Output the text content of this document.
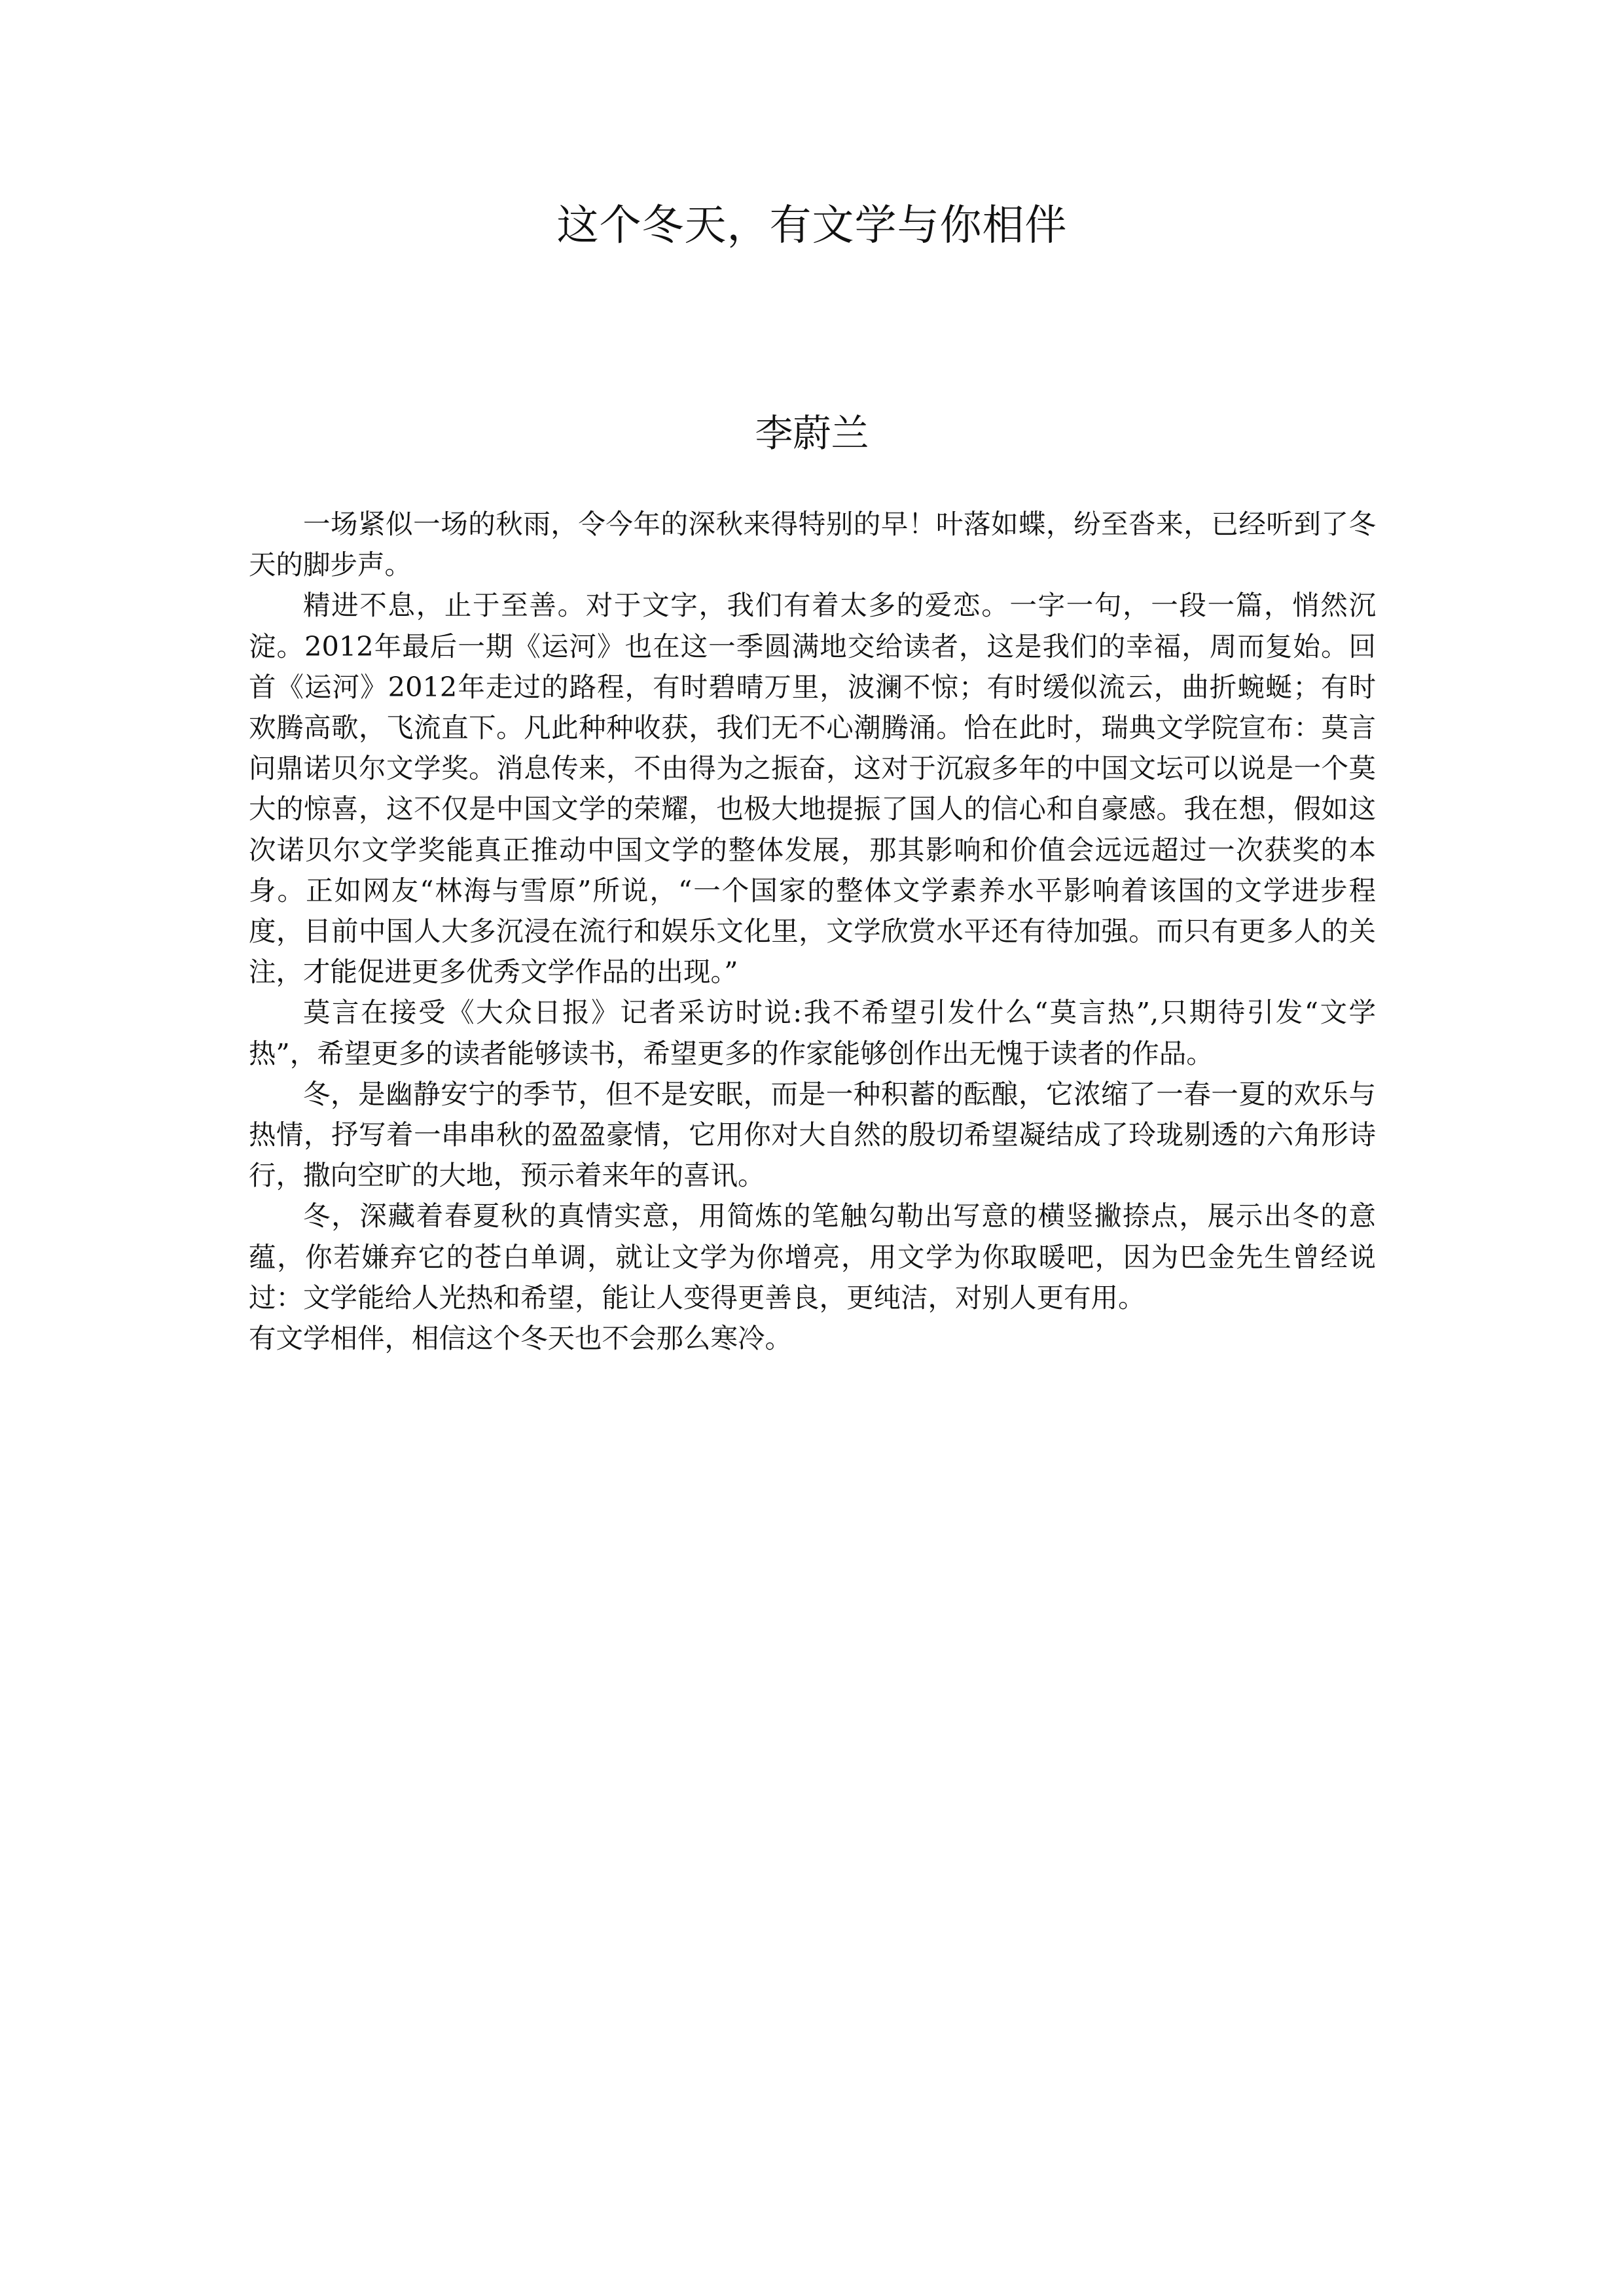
这个冬天，有文学与你相伴
李蔚兰

一场紧似一场的秋雨，令今年的深秋来得特别的早！叶落如蝶，纷至沓来，已经听到了冬天的脚步声。

精进不息，止于至善。对于文字，我们有着太多的爱恋。一字一句，一段一篇，悄然沉淀。2012年最后一期《运河》也在这一季圆满地交给读者，这是我们的幸福，周而复始。回首《运河》2012年走过的路程，有时碧晴万里，波澜不惊；有时缓似流云，曲折蜿蜒；有时欢腾高歌，飞流直下。凡此种种收获，我们无不心潮腾涌。恰在此时，瑞典文学院宣布：莫言问鼎诺贝尔文学奖。消息传来，不由得为之振奋，这对于沉寂多年的中国文坛可以说是一个莫大的惊喜，这不仅是中国文学的荣耀，也极大地提振了国人的信心和自豪感。我在想，假如这次诺贝尔文学奖能真正推动中国文学的整体发展，那其影响和价值会远远超过一次获奖的本身。正如网友“林海与雪原”所说，“一个国家的整体文学素养水平影响着该国的文学进步程度，目前中国人大多沉浸在流行和娱乐文化里，文学欣赏水平还有待加强。而只有更多人的关注，才能促进更多优秀文学作品的出现。”

莫言在接受《大众日报》记者采访时说:我不希望引发什么“莫言热”,只期待引发“文学热”，希望更多的读者能够读书，希望更多的作家能够创作出无愧于读者的作品。

冬，是幽静安宁的季节，但不是安眠，而是一种积蓄的酝酿，它浓缩了一春一夏的欢乐与热情，抒写着一串串秋的盈盈豪情，它用你对大自然的殷切希望凝结成了玲珑剔透的六角形诗行，撒向空旷的大地，预示着来年的喜讯。

冬，深藏着春夏秋的真情实意，用简炼的笔触勾勒出写意的横竖撇捺点，展示出冬的意蕴，你若嫌弃它的苍白单调，就让文学为你增亮，用文学为你取暖吧，因为巴金先生曾经说过：文学能给人光热和希望，能让人变得更善良，更纯洁，对别人更有用。

有文学相伴，相信这个冬天也不会那么寒冷。
